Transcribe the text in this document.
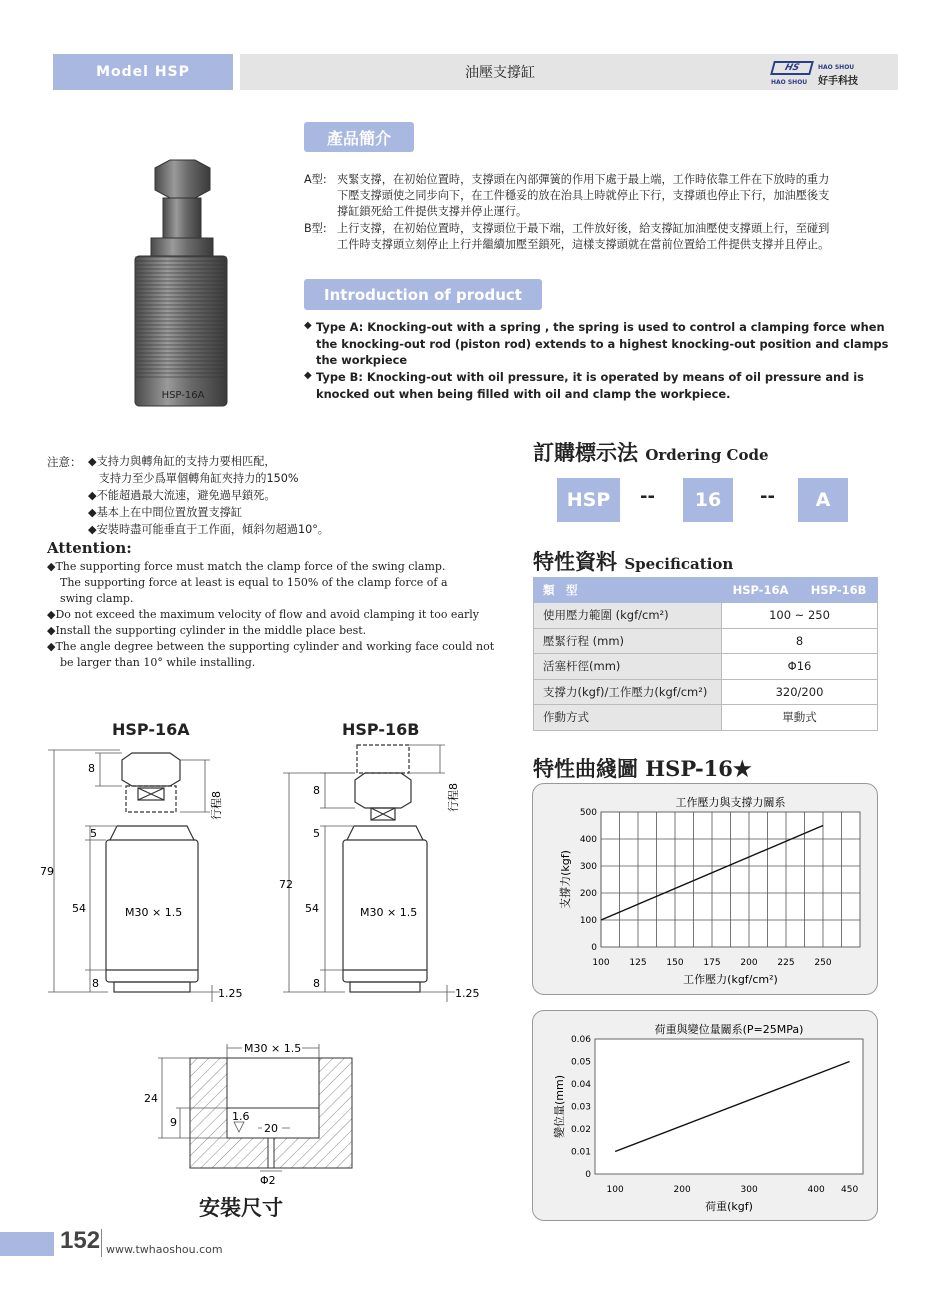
Model HSP	油壓支撐缸	HS
HAO SHOU
HAO SHOU
好手科技
HSP-16A
產品簡介
A型: 夾緊支撐，在初始位置時，支撐頭在內部彈簧的作用下處于最上端，工作時依靠工件在下放時的重力下壓支撐頭使之同步向下，在工件穩妥的放在治具上時就停止下行，支撐頭也停止下行，加油壓後支撐缸鎖死給工件提供支撐并停止運行。
B型: 上行支撐，在初始位置時，支撐頭位于最下端，工件放好後，給支撐缸加油壓使支撐頭上行，至碰到工件時支撐頭立刻停止上行并繼續加壓至鎖死，這樣支撐頭就在當前位置給工件提供支撐并且停止。
Introduction of product
◆ Type A: Knocking-out with a spring , the spring is used to control a clamping force when the knocking-out rod (piston rod) extends to a highest knocking-out position and clamps the workpiece
◆ Type B: Knocking-out with oil pressure, it is operated by means of oil pressure and is knocked out when being filled with oil and clamp the workpiece.
注意： ◆支持力與轉角缸的支持力要相匹配，
支持力至少爲單個轉角缸夾持力的150%
◆不能超過最大流速，避免過早鎖死。
◆基本上在中間位置放置支撐缸
◆安裝時盡可能垂直于工作面，傾斜勿超過10°。
Attention:
◆The supporting force must match the clamp force of the swing clamp.
The supporting force at least is equal to 150% of the clamp force of a
swing clamp.
◆Do not exceed the maximum velocity of flow and avoid clamping it too early
◆Install the supporting cylinder in the middle place best.
◆The angle degree between the supporting cylinder and working face could not
be larger than 10° while installing.
訂購標示法 Ordering Code
HSP	--	16	--	A
特性資料 Specification
類　型	HSP-16A	HSP-16B
使用壓力範圍 (kgf/cm²)	100 ~ 250	
壓緊行程 (mm)	8	
活塞杆徑(mm)	Φ16	
支撐力(kgf)/工作壓力(kgf/cm²)	320/200	
作動方式	單動式	
特性曲綫圖 HSP-16★
工作壓力與支撐力關系
0
100
200
300
400
500
100 125 150 175 200 225 250
工作壓力(kgf/cm²)
支撐力(kgf)
荷重與變位量關系(P=25MPa)
0
0.01
0.02
0.03
0.04
0.05
0.06
100	200	300	400 450
荷重(kgf)
變位量(mm)
HSP-16A	HSP-16B
79
8
5
54
8
1.25
M30 × 1.5
行程8
72
8
5
54
8
1.25
M30 × 1.5
行程8
M30 × 1.5
24
9	1.6
20
Φ2
安裝尺寸
152 www.twhaoshou.com
